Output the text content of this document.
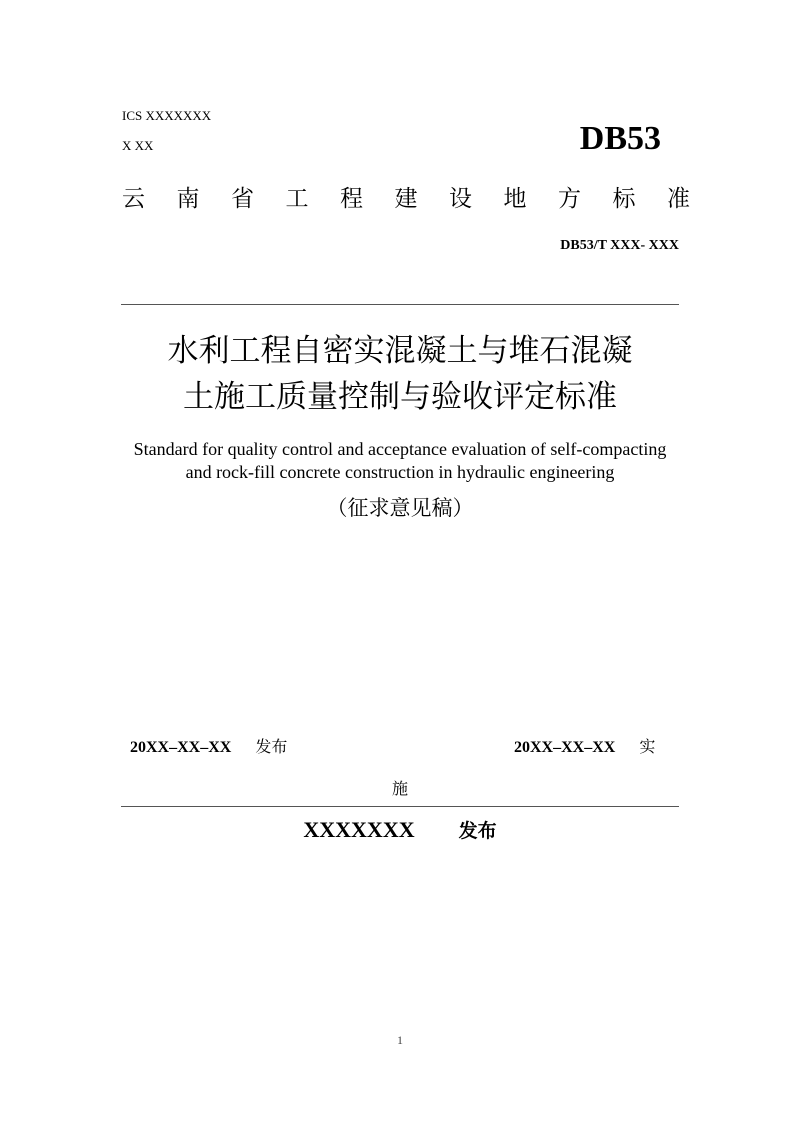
ICS XXXXXXX
X XX	DB53
云 南 省 工 程 建 设 地 方 标 准
DB53/T XXX- XXX
水利工程自密实混凝土与堆石混凝
土施工质量控制与验收评定标准
Standard for quality control and acceptance evaluation of self-compacting
and rock-fill concrete construction in hydraulic engineering
（征求意见稿）
20XX–XX–XX 发布	20XX–XX–XX 实
施
XXXXXXX 发布
1
